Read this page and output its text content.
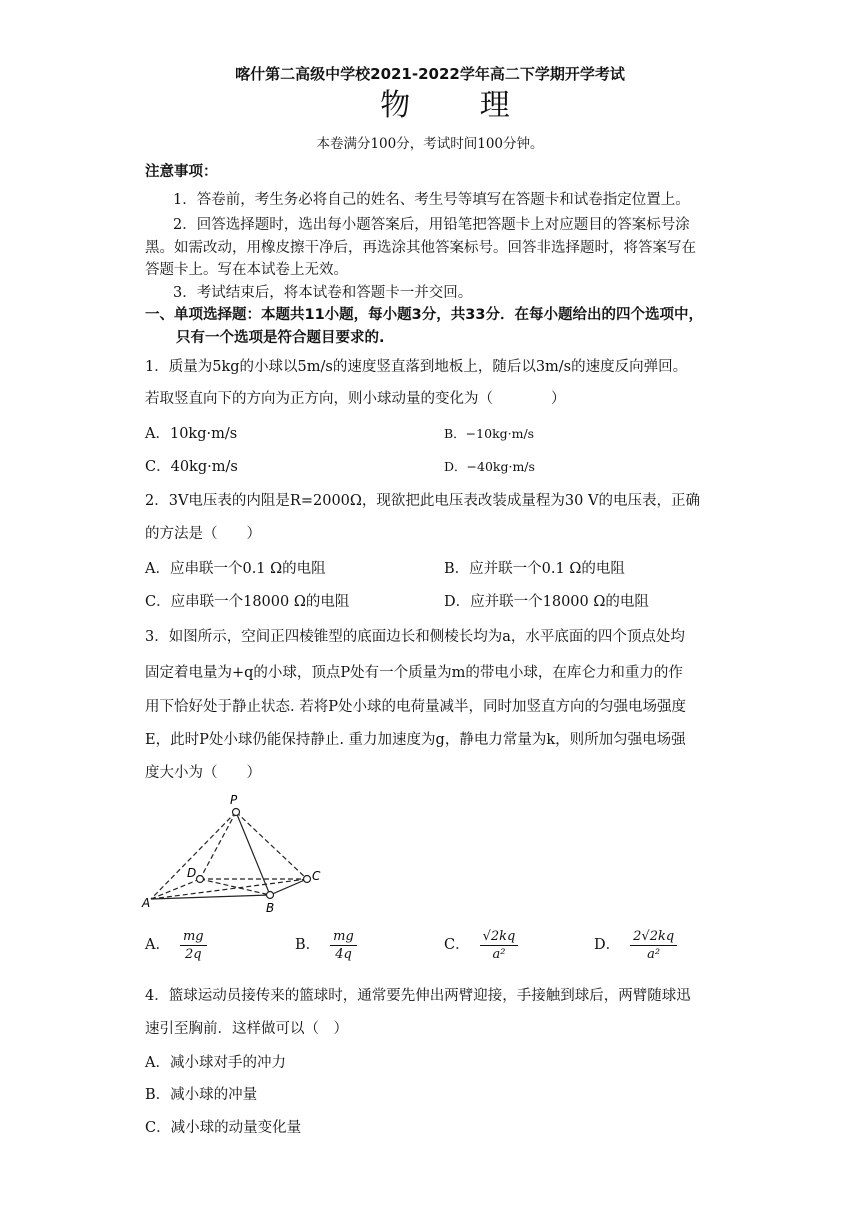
喀什第二高级中学校2021-2022学年高二下学期开学考试
物 理
本卷满分100分，考试时间100分钟。
注意事项：
1．答卷前，考生务必将自己的姓名、考生号等填写在答题卡和试卷指定位置上。
2．回答选择题时，选出每小题答案后，用铅笔把答题卡上对应题目的答案标号涂
黑。如需改动，用橡皮擦干净后，再选涂其他答案标号。回答非选择题时，将答案写在
答题卡上。写在本试卷上无效。
3．考试结束后，将本试卷和答题卡一并交回。
一、单项选择题：本题共11小题，每小题3分，共33分．在每小题给出的四个选项中，
只有一个选项是符合题目要求的.
1．质量为5kg的小球以5m/s的速度竖直落到地板上，随后以3m/s的速度反向弹回。
若取竖直向下的方向为正方向，则小球动量的变化为（　　　　）
A．10kg·m/s	B．−10kg·m/s
C．40kg·m/s	D．−40kg·m/s
2．3V电压表的内阻是R=2000Ω，现欲把此电压表改装成量程为30 V的电压表，正确
的方法是（　　）
A．应串联一个0.1 Ω的电阻	B．应并联一个0.1 Ω的电阻
C．应串联一个18000 Ω的电阻	D．应并联一个18000 Ω的电阻
3．如图所示，空间正四棱锥型的底面边长和侧棱长均为a，水平底面的四个顶点处均
固定着电量为+q的小球，顶点P处有一个质量为m的带电小球，在库仑力和重力的作
用下恰好处于静止状态. 若将P处小球的电荷量减半，同时加竖直方向的匀强电场强度
E，此时P处小球仍能保持静止. 重力加速度为g，静电力常量为k，则所加匀强电场强
度大小为（　　）
P
A	B
C
D
A． $\frac{mg}{2q}$	B． $\frac{mg}{4q}$	C． $\frac{√2kq}{\text{a²}}$	D． $\frac{2√2kq}{\text{a²}}$
4．篮球运动员接传来的篮球时，通常要先伸出两臂迎接，手接触到球后，两臂随球迅
速引至胸前．这样做可以（　）
A．减小球对手的冲力
B．减小球的冲量
C．减小球的动量变化量
